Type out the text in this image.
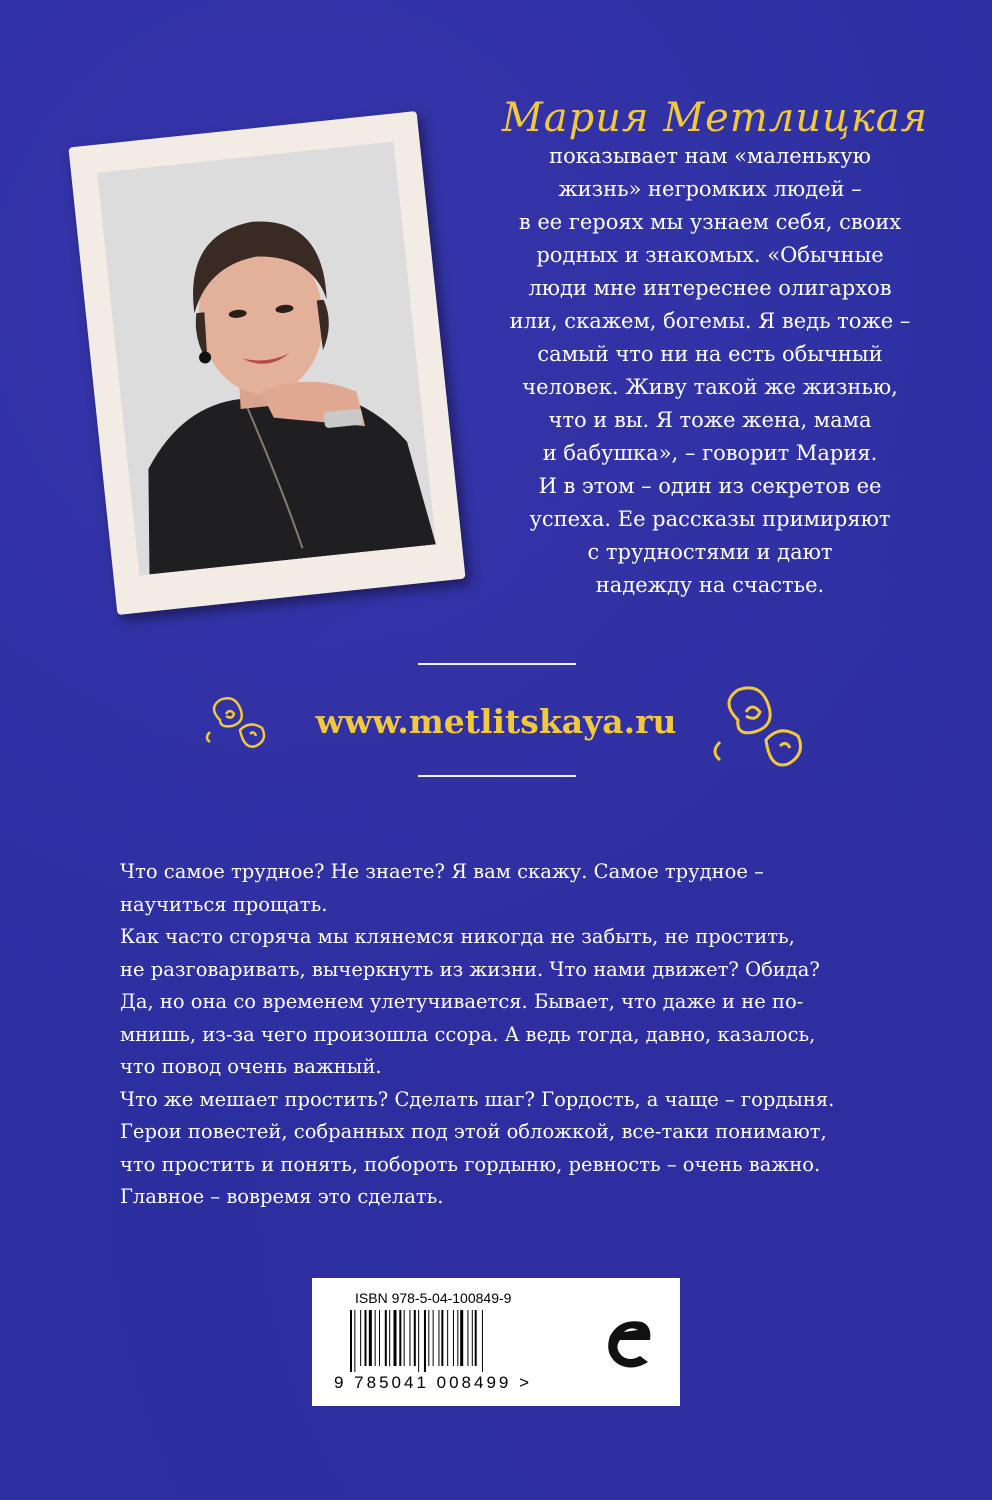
Мария Метлицкая
показывает нам «маленькую
жизнь» негромких людей –
в ее героях мы узнаем себя, своих
родных и знакомых. «Обычные
люди мне интереснее олигархов
или, скажем, богемы. Я ведь тоже –
самый что ни на есть обычный
человек. Живу такой же жизнью,
что и вы. Я тоже жена, мама
и бабушка», – говорит Мария.
И в этом – один из секретов ее
успеха. Ее рассказы примиряют
с трудностями и дают
надежду на счастье.
www.metlitskaya.ru
Что самое трудное? Не знаете? Я вам скажу. Самое трудное –
научиться прощать.
Как часто сгоряча мы клянемся никогда не забыть, не простить,
не разговаривать, вычеркнуть из жизни. Что нами движет? Обида?
Да, но она со временем улетучивается. Бывает, что даже и не по-
мнишь, из-за чего произошла ссора. А ведь тогда, давно, казалось,
что повод очень важный.
Что же мешает простить? Сделать шаг? Гордость, а чаще – гордыня.
Герои повестей, собранных под этой обложкой, все-таки понимают,
что простить и понять, побороть гордыню, ревность – очень важно.
Главное – вовремя это сделать.
ISBN 978-5-04-100849-9
9 785041 008499 >
